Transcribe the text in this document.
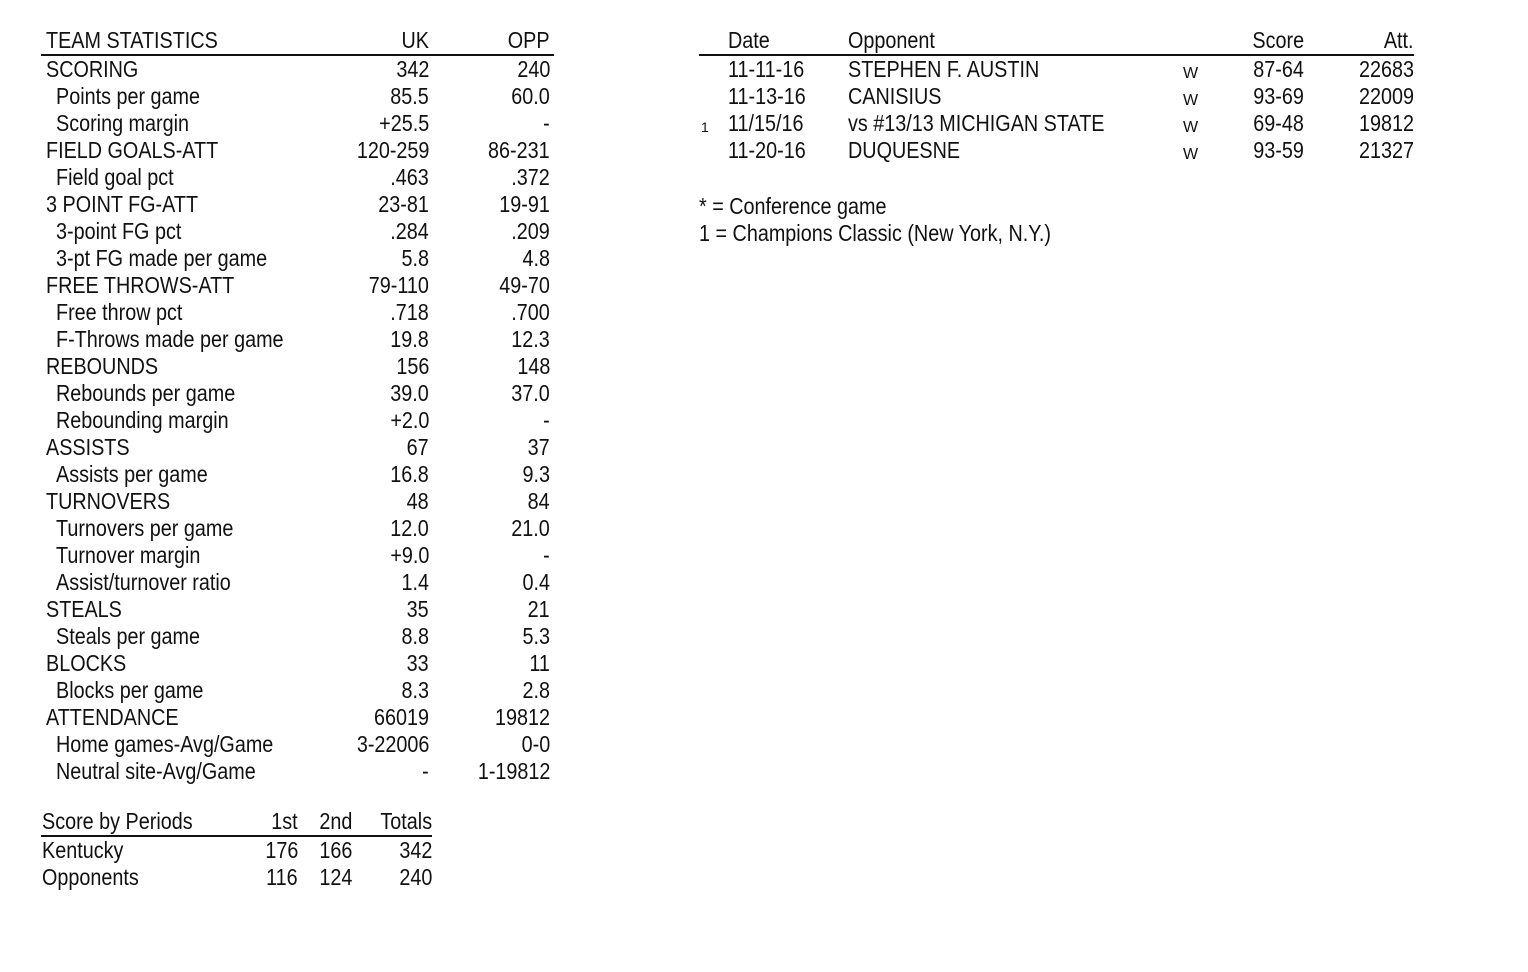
TEAM STATISTICS	UK	OPP
SCORING	342	240
Points per game	85.5	60.0
Scoring margin	+25.5	-
FIELD GOALS-ATT	120-259	86-231
Field goal pct	.463	.372
3 POINT FG-ATT	23-81	19-91
3-point FG pct	.284	.209
3-pt FG made per game	5.8	4.8
FREE THROWS-ATT	79-110	49-70
Free throw pct	.718	.700
F-Throws made per game	19.8	12.3
REBOUNDS	156	148
Rebounds per game	39.0	37.0
Rebounding margin	+2.0	-
ASSISTS	67	37
Assists per game	16.8	9.3
TURNOVERS	48	84
Turnovers per game	12.0	21.0
Turnover margin	+9.0	-
Assist/turnover ratio	1.4	0.4
STEALS	35	21
Steals per game	8.8	5.3
BLOCKS	33	11
Blocks per game	8.3	2.8
ATTENDANCE	66019	19812
Home games-Avg/Game	3-22006	0-0
Neutral site-Avg/Game	-	1-19812
Score by Periods	1st 2nd	Totals
Kentucky	176 166 342
Opponents	116 124 240
Date	Opponent	Score	Att.
11-11-16	STEPHEN F. AUSTIN	W	87-64	22683
11-13-16	CANISIUS	W	93-69	22009
1 11/15/16	vs #13/13 MICHIGAN STATE	W	69-48	19812
11-20-16	DUQUESNE	W	93-59	21327
* = Conference game
1 = Champions Classic (New York, N.Y.)
